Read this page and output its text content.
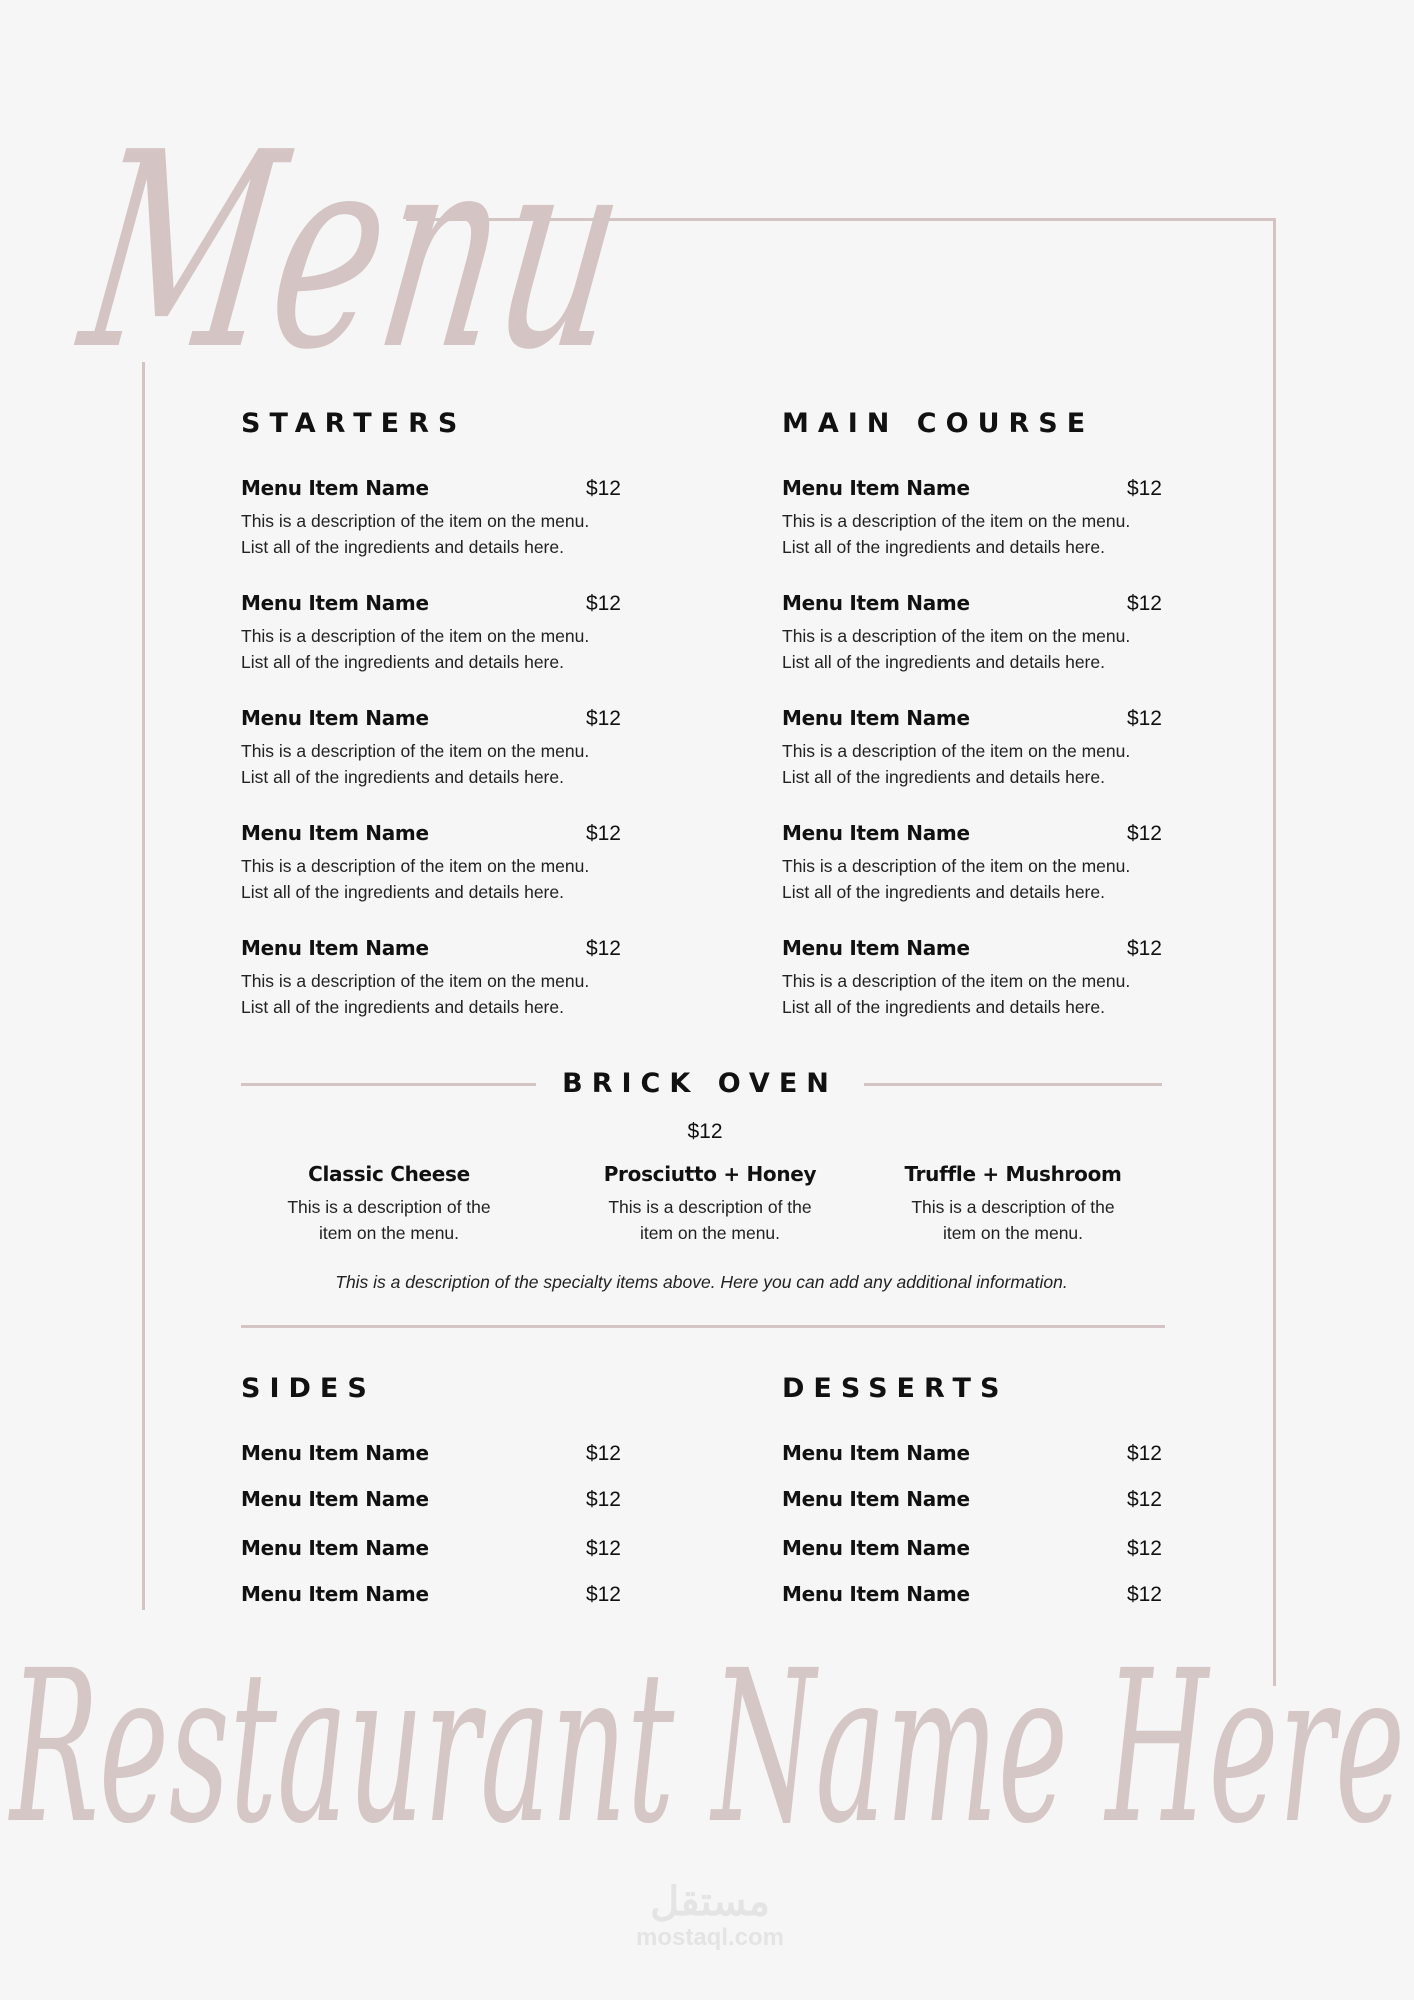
Menu
Restaurant Name Here
STARTERS
Menu Item Name	$12
This is a description of the item on the menu.
List all of the ingredients and details here.
Menu Item Name	$12
This is a description of the item on the menu.
List all of the ingredients and details here.
Menu Item Name	$12
This is a description of the item on the menu.
List all of the ingredients and details here.
Menu Item Name	$12
This is a description of the item on the menu.
List all of the ingredients and details here.
Menu Item Name	$12
This is a description of the item on the menu.
List all of the ingredients and details here.
MAIN COURSE
Menu Item Name	$12
This is a description of the item on the menu.
List all of the ingredients and details here.
Menu Item Name	$12
This is a description of the item on the menu.
List all of the ingredients and details here.
Menu Item Name	$12
This is a description of the item on the menu.
List all of the ingredients and details here.
Menu Item Name	$12
This is a description of the item on the menu.
List all of the ingredients and details here.
Menu Item Name	$12
This is a description of the item on the menu.
List all of the ingredients and details here.
BRICK OVEN
$12
Classic Cheese
This is a description of the
item on the menu.
Prosciutto + Honey
This is a description of the
item on the menu.
Truffle + Mushroom
This is a description of the
item on the menu.
This is a description of the specialty items above. Here you can add any additional information.
SIDES
Menu Item Name	$12
Menu Item Name	$12
Menu Item Name	$12
Menu Item Name	$12
DESSERTS
Menu Item Name	$12
Menu Item Name	$12
Menu Item Name	$12
Menu Item Name	$12
مستقل
mostaql.com
